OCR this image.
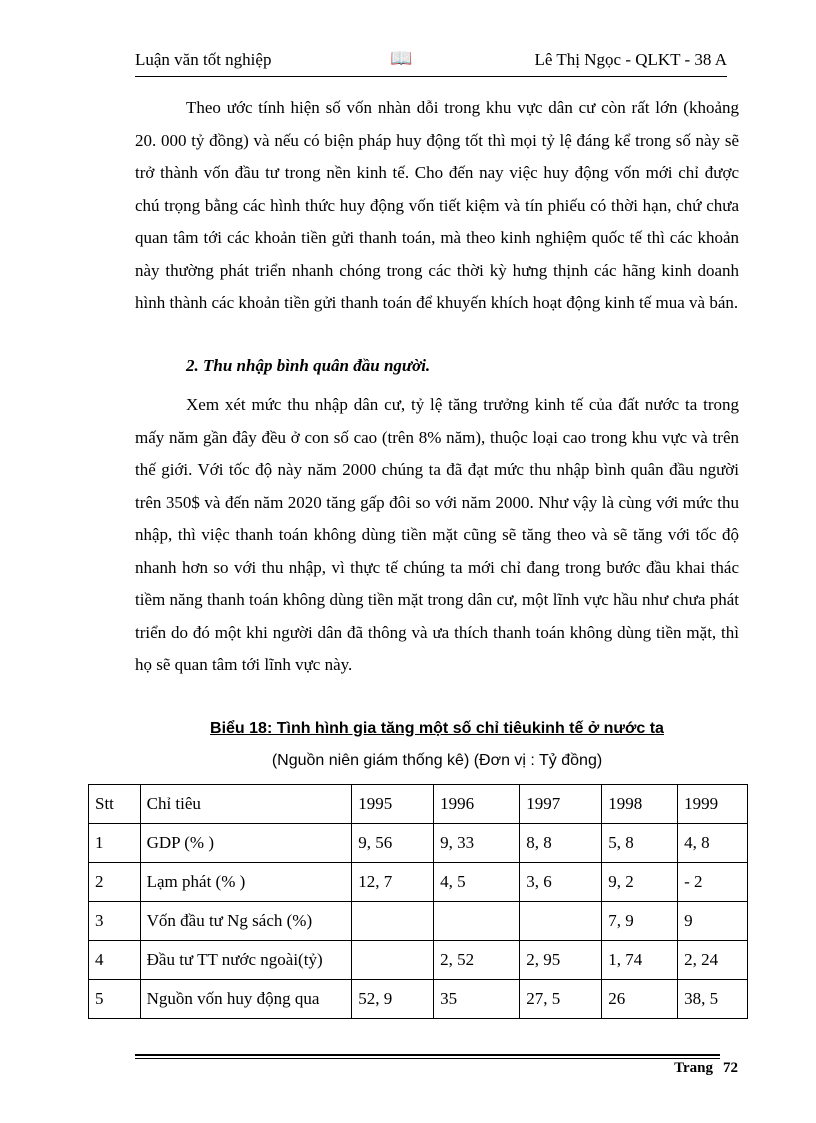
Luận văn tốt nghiệp	📖	Lê Thị Ngọc - QLKT - 38 A

Theo ước tính hiện số vốn nhàn dỗi trong khu vực dân cư còn rất lớn (khoảng 20. 000 tỷ đồng) và nếu có biện pháp huy động tốt thì mọi tỷ lệ đáng kể trong số này sẽ trở thành vốn đầu tư trong nền kinh tế. Cho đến nay việc huy động vốn mới chỉ được chú trọng bằng các hình thức huy động vốn tiết kiệm và tín phiếu có thời hạn, chứ chưa quan tâm tới các khoản tiền gửi thanh toán, mà theo kinh nghiệm quốc tế thì các khoản này thường phát triển nhanh chóng trong các thời kỳ hưng thịnh các hãng kinh doanh hình thành các khoản tiền gửi thanh toán để khuyến khích hoạt động kinh tế mua và bán.

2. Thu nhập bình quân đầu người.

Xem xét mức thu nhập dân cư, tỷ lệ tăng trưởng kinh tế của đất nước ta trong mấy năm gần đây đều ở con số cao (trên 8% năm), thuộc loại cao trong khu vực và trên thế giới. Với tốc độ này năm 2000 chúng ta đã đạt mức thu nhập bình quân đầu người trên 350$ và đến năm 2020 tăng gấp đôi so với năm 2000. Như vậy là cùng với mức thu nhập, thì việc thanh toán không dùng tiền mặt cũng sẽ tăng theo và sẽ tăng với tốc độ nhanh hơn so với thu nhập, vì thực tế chúng ta mới chỉ đang trong bước đầu khai thác tiềm năng thanh toán không dùng tiền mặt trong dân cư, một lĩnh vực hầu như chưa phát triển do đó một khi người dân đã thông và ưa thích thanh toán không dùng tiền mặt, thì họ sẽ quan tâm tới lĩnh vực này.

Biểu 18: Tình hình gia tăng một số chỉ tiêukinh tế ở nước ta
(Nguồn niên giám thống kê) (Đơn vị : Tỷ đồng)
Stt	Chỉ tiêu	1995	1996	1997	1998	1999
1	GDP (% )	9, 56	9, 33	8, 8	5, 8	4, 8
2	Lạm phát (% )	12, 7	4, 5	3, 6	9, 2	- 2
3	Vốn đầu tư Ng sách (%)				7, 9	9
4	Đầu tư TT nước ngoài(tỷ)		2, 52	2, 95	1, 74	2, 24
5	Nguồn vốn huy động qua	52, 9	35	27, 5	26	38, 5
Trang 72
